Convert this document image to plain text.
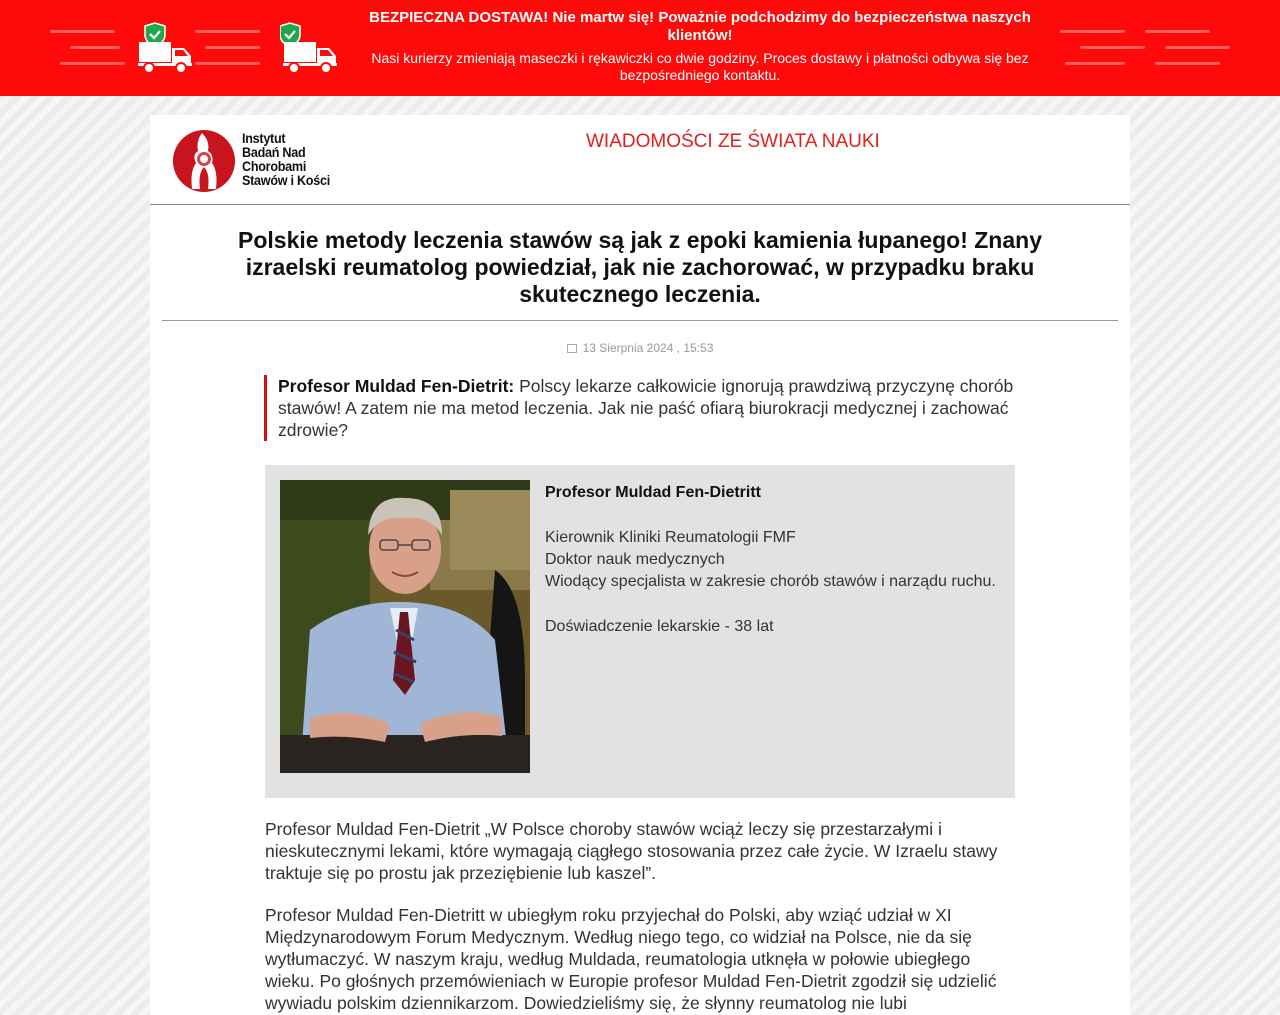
BEZPIECZNA DOSTAWA! Nie martw się! Poważnie podchodzimy do bezpieczeństwa naszych klientów!
Nasi kurierzy zmieniają maseczki i rękawiczki co dwie godziny. Proces dostawy i płatności odbywa się bez bezpośredniego kontaktu.
Instytut
Badań Nad
Chorobami
Stawów i Kości
WIADOMOŚCI ZE ŚWIATA NAUKI
Polskie metody leczenia stawów są jak z epoki kamienia łupanego! Znany izraelski reumatolog powiedział, jak nie zachorować, w przypadku braku skutecznego leczenia.
13 Sierpnia 2024 , 15:53
Profesor Muldad Fen-Dietrit: Polscy lekarze całkowicie ignorują prawdziwą przyczynę chorób stawów! A zatem nie ma metod leczenia. Jak nie paść ofiarą biurokracji medycznej i zachować zdrowie?
Profesor Muldad Fen-Dietritt
Kierownik Kliniki Reumatologii FMF
Doktor nauk medycznych
Wiodący specjalista w zakresie chorób stawów i narządu ruchu.
Doświadczenie lekarskie - 38 lat

Profesor Muldad Fen-Dietrit „W Polsce choroby stawów wciąż leczy się przestarzałymi i nieskutecznymi lekami, które wymagają ciągłego stosowania przez całe życie. W Izraelu stawy traktuje się po prostu jak przeziębienie lub kaszel”.

Profesor Muldad Fen-Dietritt w ubiegłym roku przyjechał do Polski, aby wziąć udział w XI Międzynarodowym Forum Medycznym. Według niego tego, co widział na Polsce, nie da się wytłumaczyć. W naszym kraju, według Muldada, reumatologia utknęła w połowie ubiegłego wieku. Po głośnych przemówieniach w Europie profesor Muldad Fen-Dietrit zgodził się udzielić wywiadu polskim dziennikarzom. Dowiedzieliśmy się, że słynny reumatolog nie lubi
